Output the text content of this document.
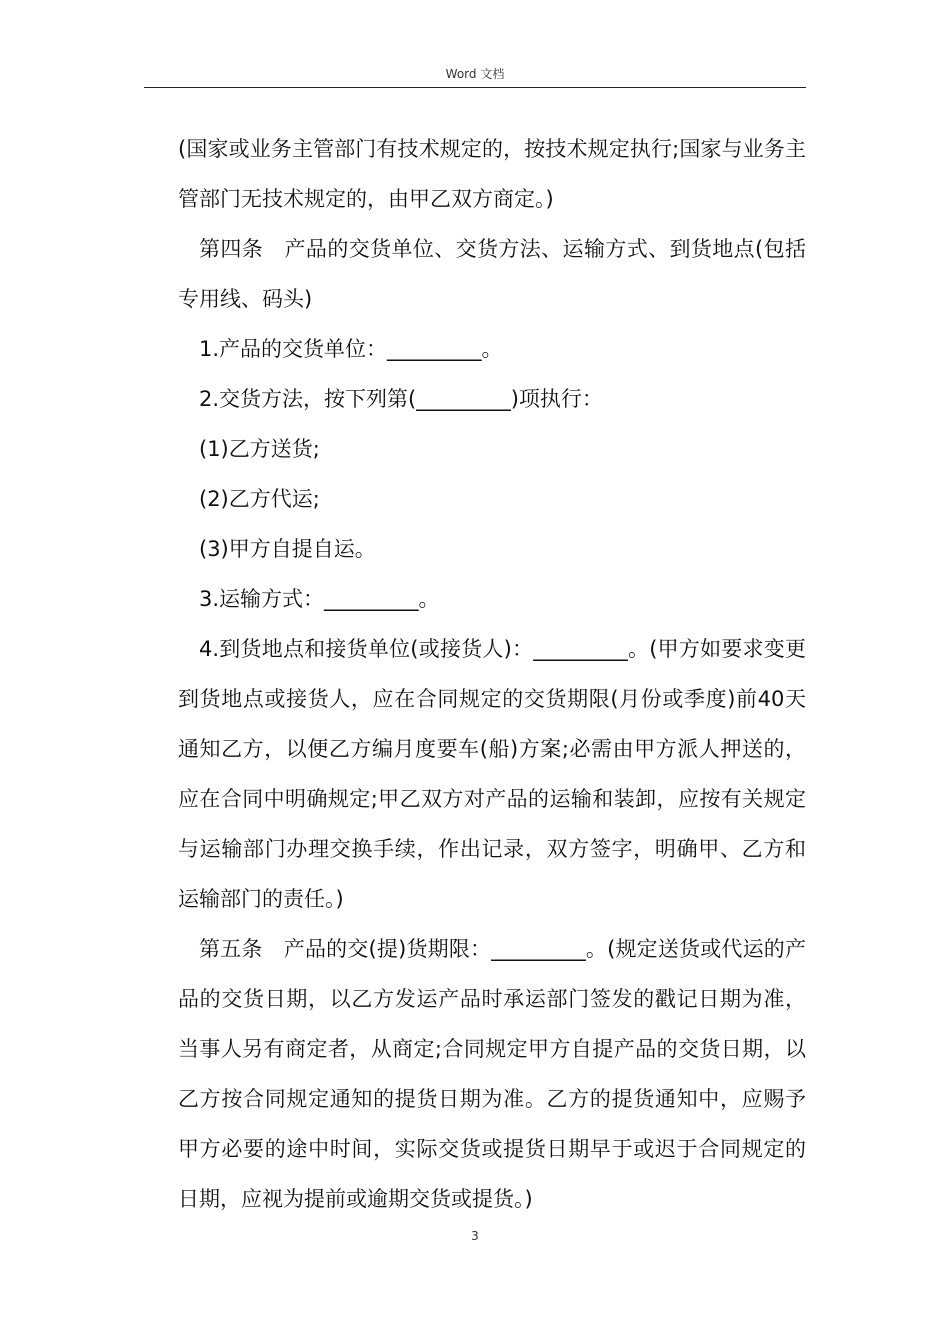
Word 文档

(国家或业务主管部门有技术规定的，按技术规定执行;国家与业务主管部门无技术规定的，由甲乙双方商定。)

第四条　产品的交货单位、交货方法、运输方式、到货地点(包括专用线、码头)

1.产品的交货单位：_________。

2.交货方法，按下列第(_________)项执行：

(1)乙方送货;

(2)乙方代运;

(3)甲方自提自运。

3.运输方式：_________。

4.到货地点和接货单位(或接货人)：_________。(甲方如要求变更到货地点或接货人，应在合同规定的交货期限(月份或季度)前40天通知乙方，以便乙方编月度要车(船)方案;必需由甲方派人押送的，应在合同中明确规定;甲乙双方对产品的运输和装卸，应按有关规定与运输部门办理交换手续，作出记录，双方签字，明确甲、乙方和运输部门的责任。)

第五条　产品的交(提)货期限：_________。(规定送货或代运的产品的交货日期，以乙方发运产品时承运部门签发的戳记日期为准，当事人另有商定者，从商定;合同规定甲方自提产品的交货日期，以乙方按合同规定通知的提货日期为准。乙方的提货通知中，应赐予甲方必要的途中时间，实际交货或提货日期早于或迟于合同规定的日期，应视为提前或逾期交货或提货。)

3
